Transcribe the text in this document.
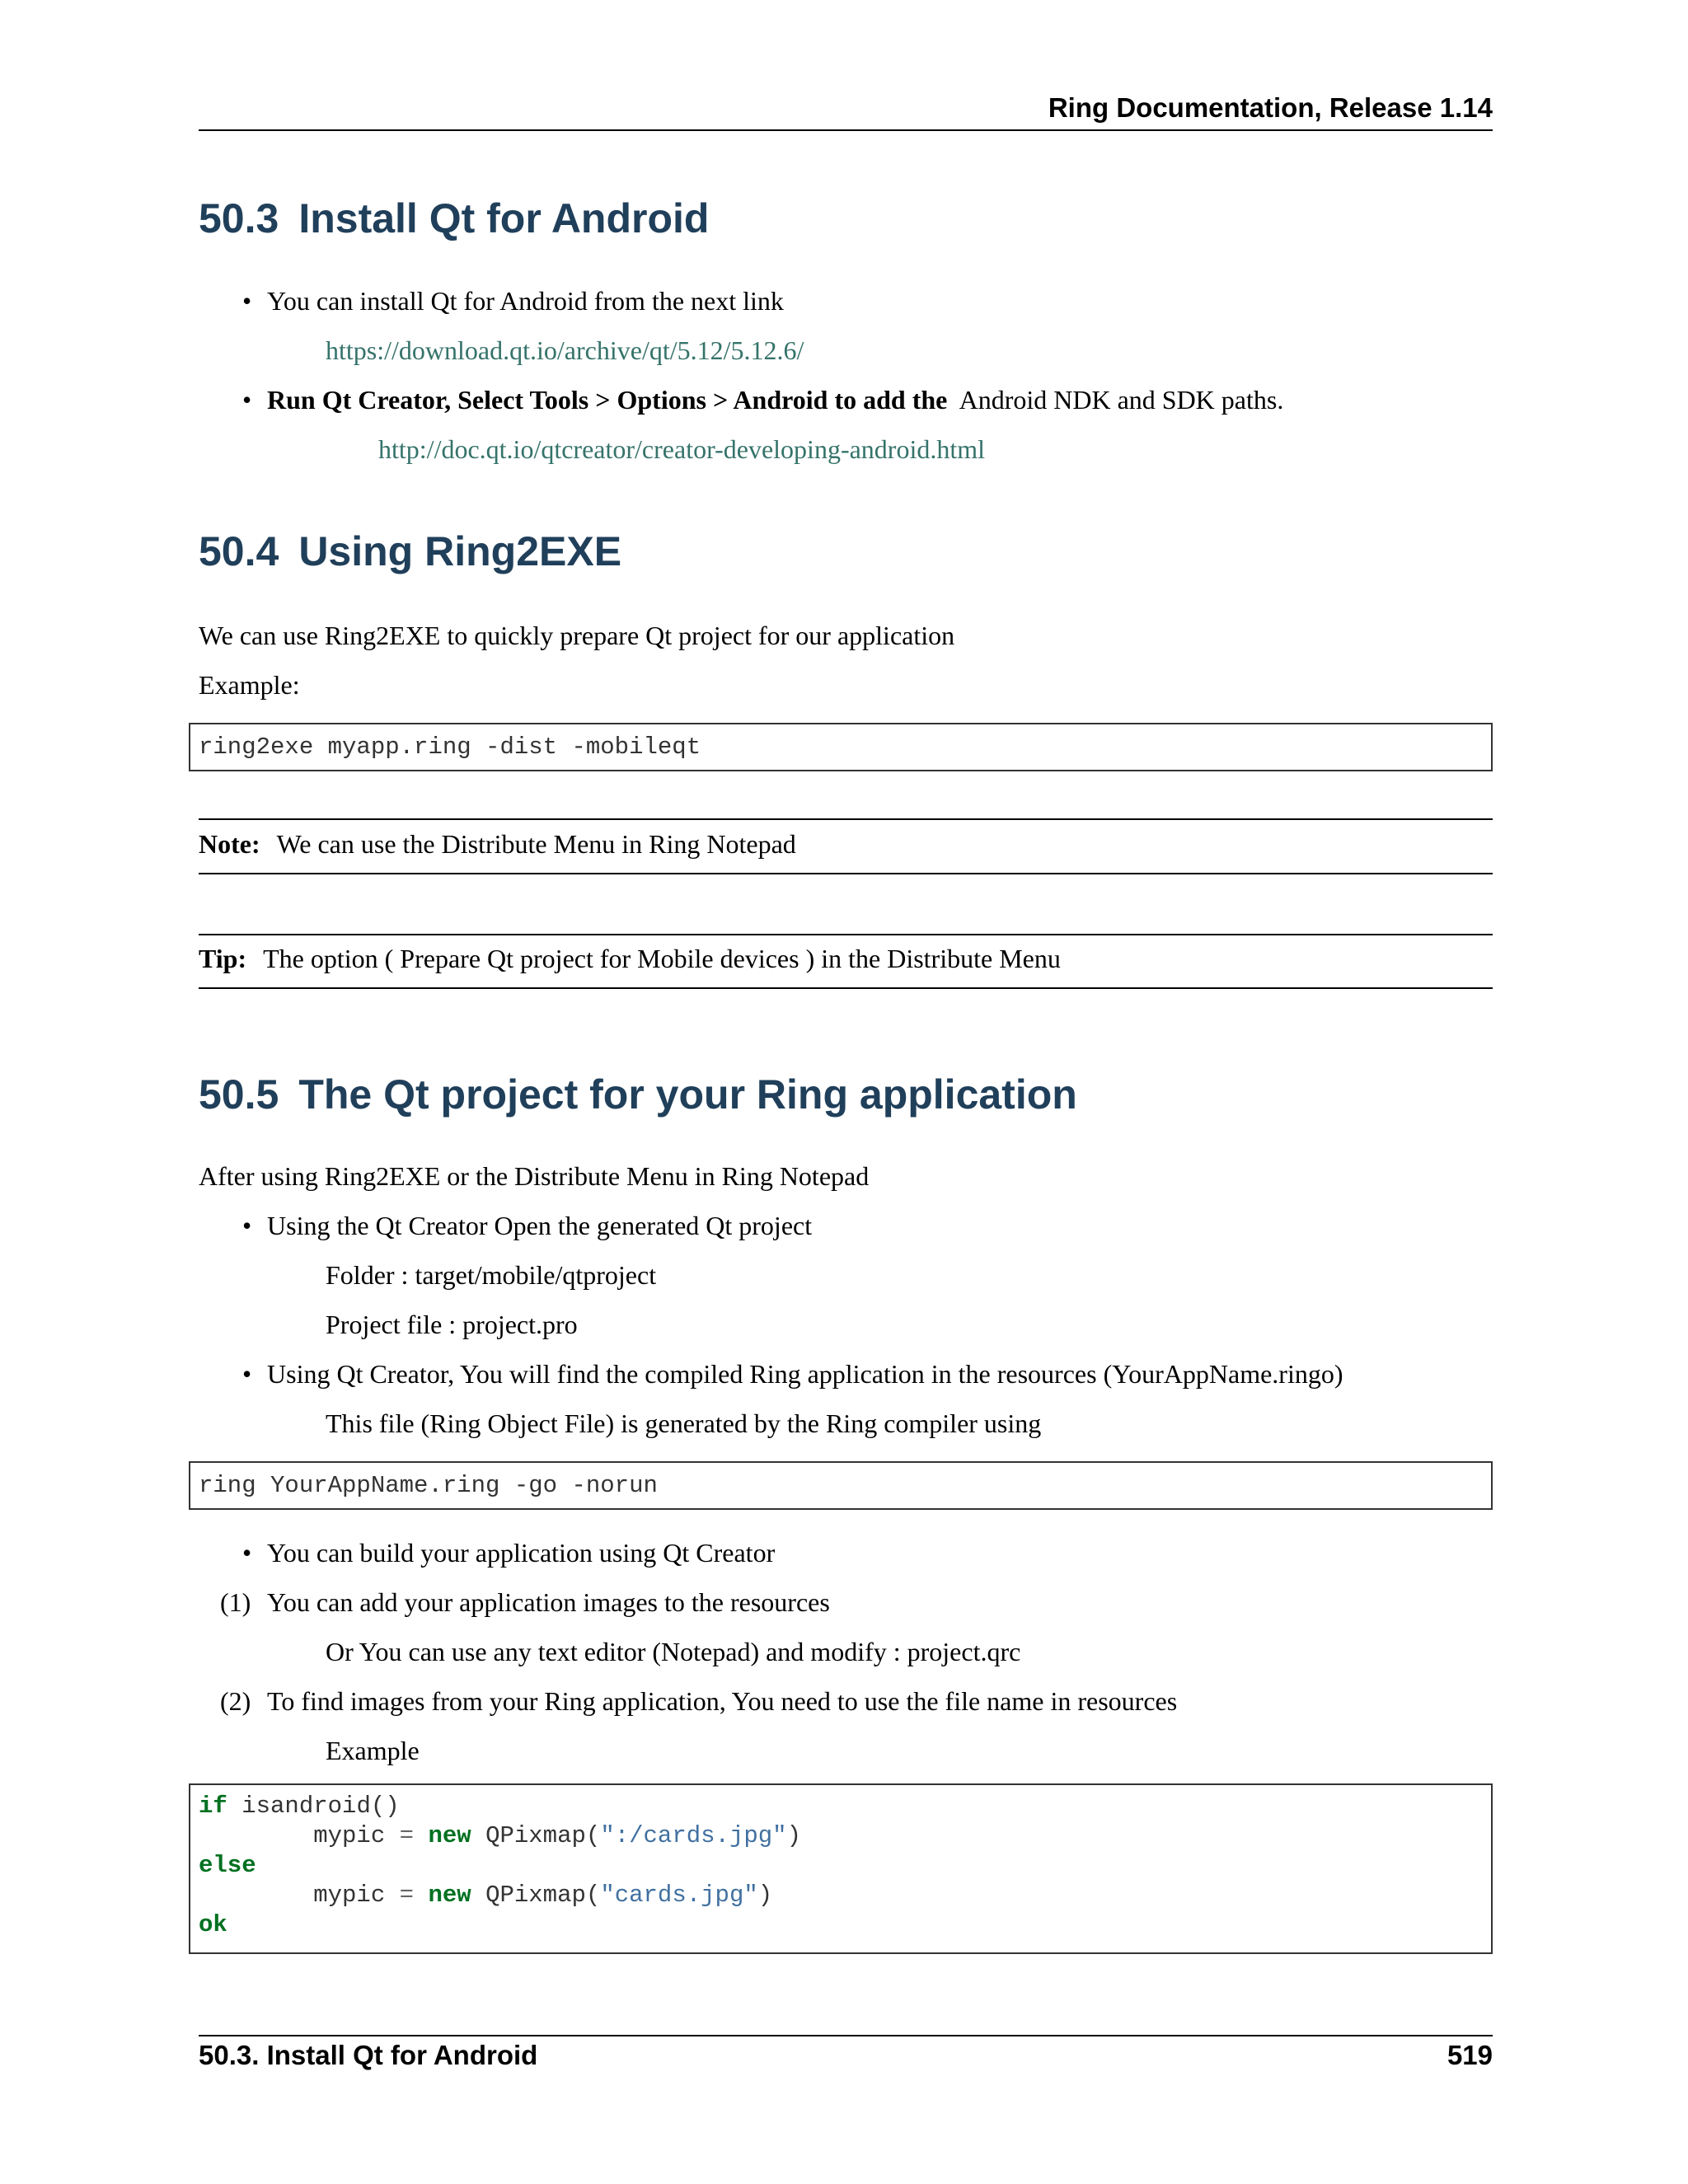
Ring Documentation, Release 1.14
50.3 Install Qt for Android
• You can install Qt for Android from the next link
https://download.qt.io/archive/qt/5.12/5.12.6/
• Run Qt Creator, Select Tools > Options > Android to add the Android NDK and SDK paths.
http://doc.qt.io/qtcreator/creator-developing-android.html
50.4 Using Ring2EXE
We can use Ring2EXE to quickly prepare Qt project for our application
Example:
ring2exe myapp.ring -dist -mobileqt
Note: We can use the Distribute Menu in Ring Notepad
Tip: The option ( Prepare Qt project for Mobile devices ) in the Distribute Menu
50.5 The Qt project for your Ring application
After using Ring2EXE or the Distribute Menu in Ring Notepad
• Using the Qt Creator Open the generated Qt project
Folder : target/mobile/qtproject
Project file : project.pro
• Using Qt Creator, You will find the compiled Ring application in the resources (YourAppName.ringo)
This file (Ring Object File) is generated by the Ring compiler using
ring YourAppName.ring -go -norun
• You can build your application using Qt Creator
(1) You can add your application images to the resources
Or You can use any text editor (Notepad) and modify : project.qrc
(2) To find images from your Ring application, You need to use the file name in resources
Example
if isandroid()
mypic = new QPixmap(":/cards.jpg")
else
mypic = new QPixmap("cards.jpg")
ok
50.3. Install Qt for Android	519
